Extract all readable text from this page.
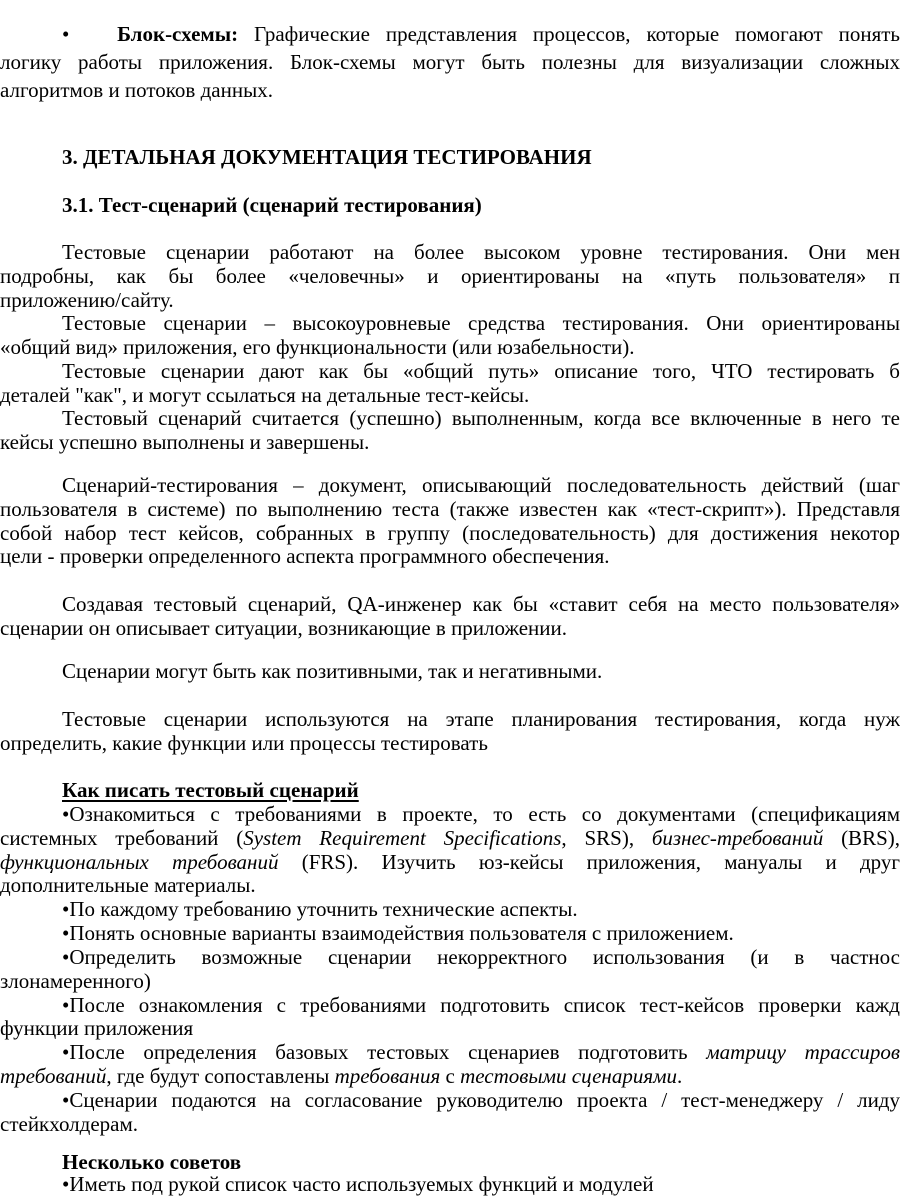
• Блок-схемы: Графические представления процессов, которые помогают понять

логику работы приложения. Блок-схемы могут быть полезны для визуализации сложных

алгоритмов и потоков данных.

3. ДЕТАЛЬНАЯ ДОКУМЕНТАЦИЯ ТЕСТИРОВАНИЯ

3.1. Тест-сценарий (сценарий тестирования)

Тестовые сценарии работают на более высоком уровне тестирования. Они мен

подробны, как бы более «человечны» и ориентированы на «путь пользователя» п

приложению/сайту.

Тестовые сценарии – высокоуровневые средства тестирования. Они ориентированы

«общий вид» приложения, его функциональности (или юзабельности).

Тестовые сценарии дают как бы «общий путь» описание того, ЧТО тестировать б

деталей "как", и могут ссылаться на детальные тест-кейсы.

Тестовый сценарий считается (успешно) выполненным, когда все включенные в него те

кейсы успешно выполнены и завершены.

Сценарий-тестирования – документ, описывающий последовательность действий (шаг

пользователя в системе) по выполнению теста (также известен как «тест-скрипт»). Представля

собой набор тест кейсов, собранных в группу (последовательность) для достижения некотор

цели - проверки определенного аспекта программного обеспечения.

Создавая тестовый сценарий, QA-инженер как бы «ставит себя на место пользователя»

сценарии он описывает ситуации, возникающие в приложении.

Сценарии могут быть как позитивными, так и негативными.

Тестовые сценарии используются на этапе планирования тестирования, когда нуж

определить, какие функции или процессы тестировать

Как писать тестовый сценарий

•Ознакомиться с требованиями в проекте, то есть со документами (спецификациям

системных требований (System Requirement Specifications, SRS), бизнес-требований (BRS),

функциональных требований (FRS). Изучить юз-кейсы приложения, мануалы и друг

дополнительные материалы.

•По каждому требованию уточнить технические аспекты.

•Понять основные варианты взаимодействия пользователя с приложением.

•Определить возможные сценарии некорректного использования (и в частнос

злонамеренного)

•После ознакомления с требованиями подготовить список тест-кейсов проверки кажд

функции приложения

•После определения базовых тестовых сценариев подготовить матрицу трассиров

требований, где будут сопоставлены требования с тестовыми сценариями.

•Сценарии подаются на согласование руководителю проекта / тест-менеджеру / лиду

стейкхолдерам.

Несколько советов

•Иметь под рукой список часто используемых функций и модулей
